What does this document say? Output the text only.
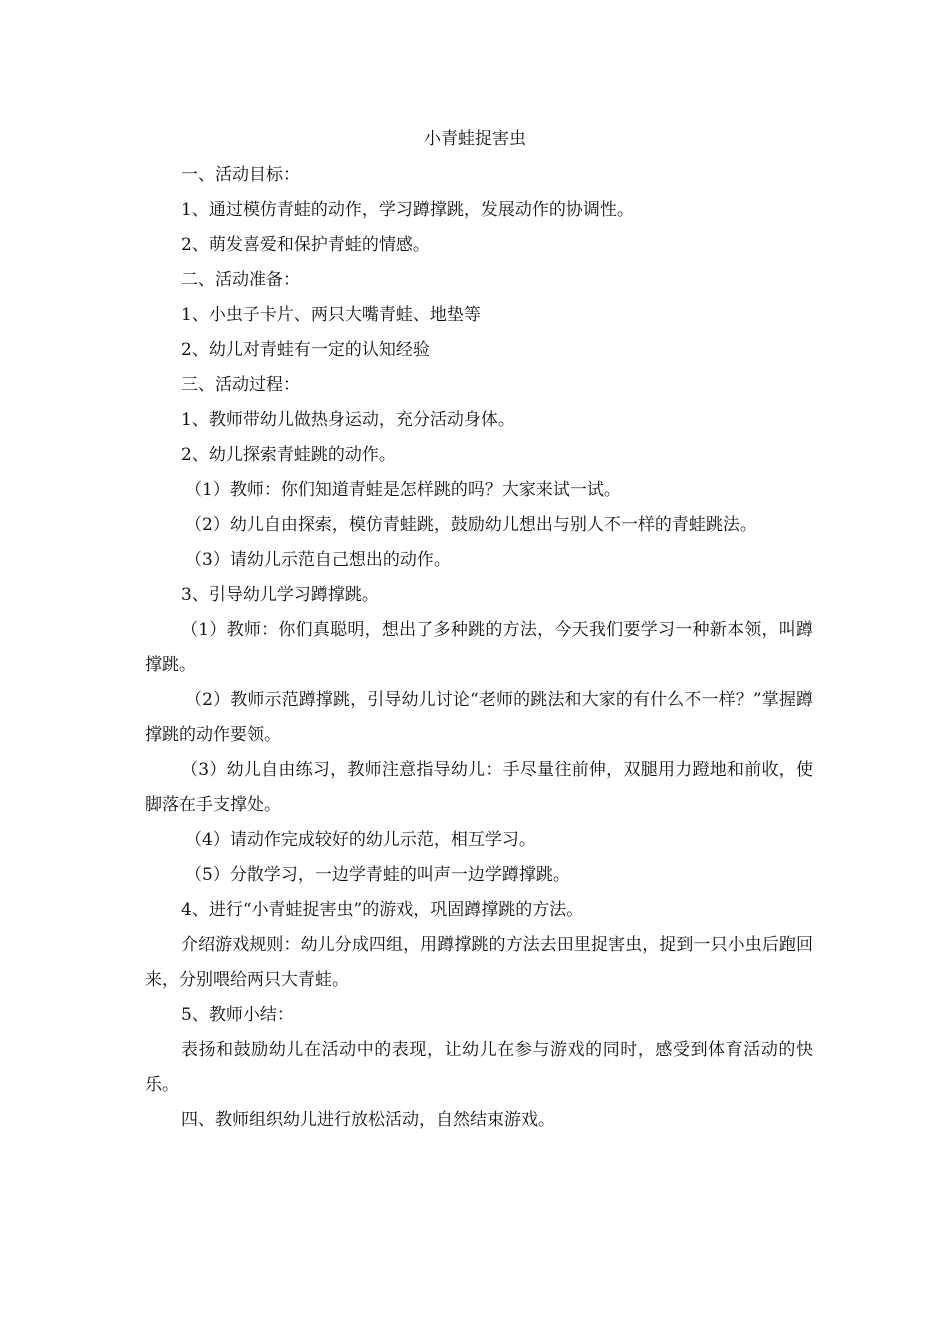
小青蛙捉害虫

一、活动目标：

1、通过模仿青蛙的动作，学习蹲撑跳，发展动作的协调性。

2、萌发喜爱和保护青蛙的情感。

二、活动准备：

1、小虫子卡片、两只大嘴青蛙、地垫等

2、幼儿对青蛙有一定的认知经验

三、活动过程：

1、教师带幼儿做热身运动，充分活动身体。

2、幼儿探索青蛙跳的动作。

（1）教师：你们知道青蛙是怎样跳的吗？大家来试一试。

（2）幼儿自由探索，模仿青蛙跳，鼓励幼儿想出与别人不一样的青蛙跳法。

（3）请幼儿示范自己想出的动作。

3、引导幼儿学习蹲撑跳。

（1）教师：你们真聪明，想出了多种跳的方法，今天我们要学习一种新本领，叫蹲撑跳。

（2）教师示范蹲撑跳，引导幼儿讨论“老师的跳法和大家的有什么不一样？”掌握蹲撑跳的动作要领。

（3）幼儿自由练习，教师注意指导幼儿：手尽量往前伸，双腿用力蹬地和前收，使脚落在手支撑处。

（4）请动作完成较好的幼儿示范，相互学习。

（5）分散学习，一边学青蛙的叫声一边学蹲撑跳。

4、进行“小青蛙捉害虫”的游戏，巩固蹲撑跳的方法。

介绍游戏规则：幼儿分成四组，用蹲撑跳的方法去田里捉害虫，捉到一只小虫后跑回来，分别喂给两只大青蛙。

5、教师小结：

表扬和鼓励幼儿在活动中的表现，让幼儿在参与游戏的同时，感受到体育活动的快乐。

四、教师组织幼儿进行放松活动，自然结束游戏。
